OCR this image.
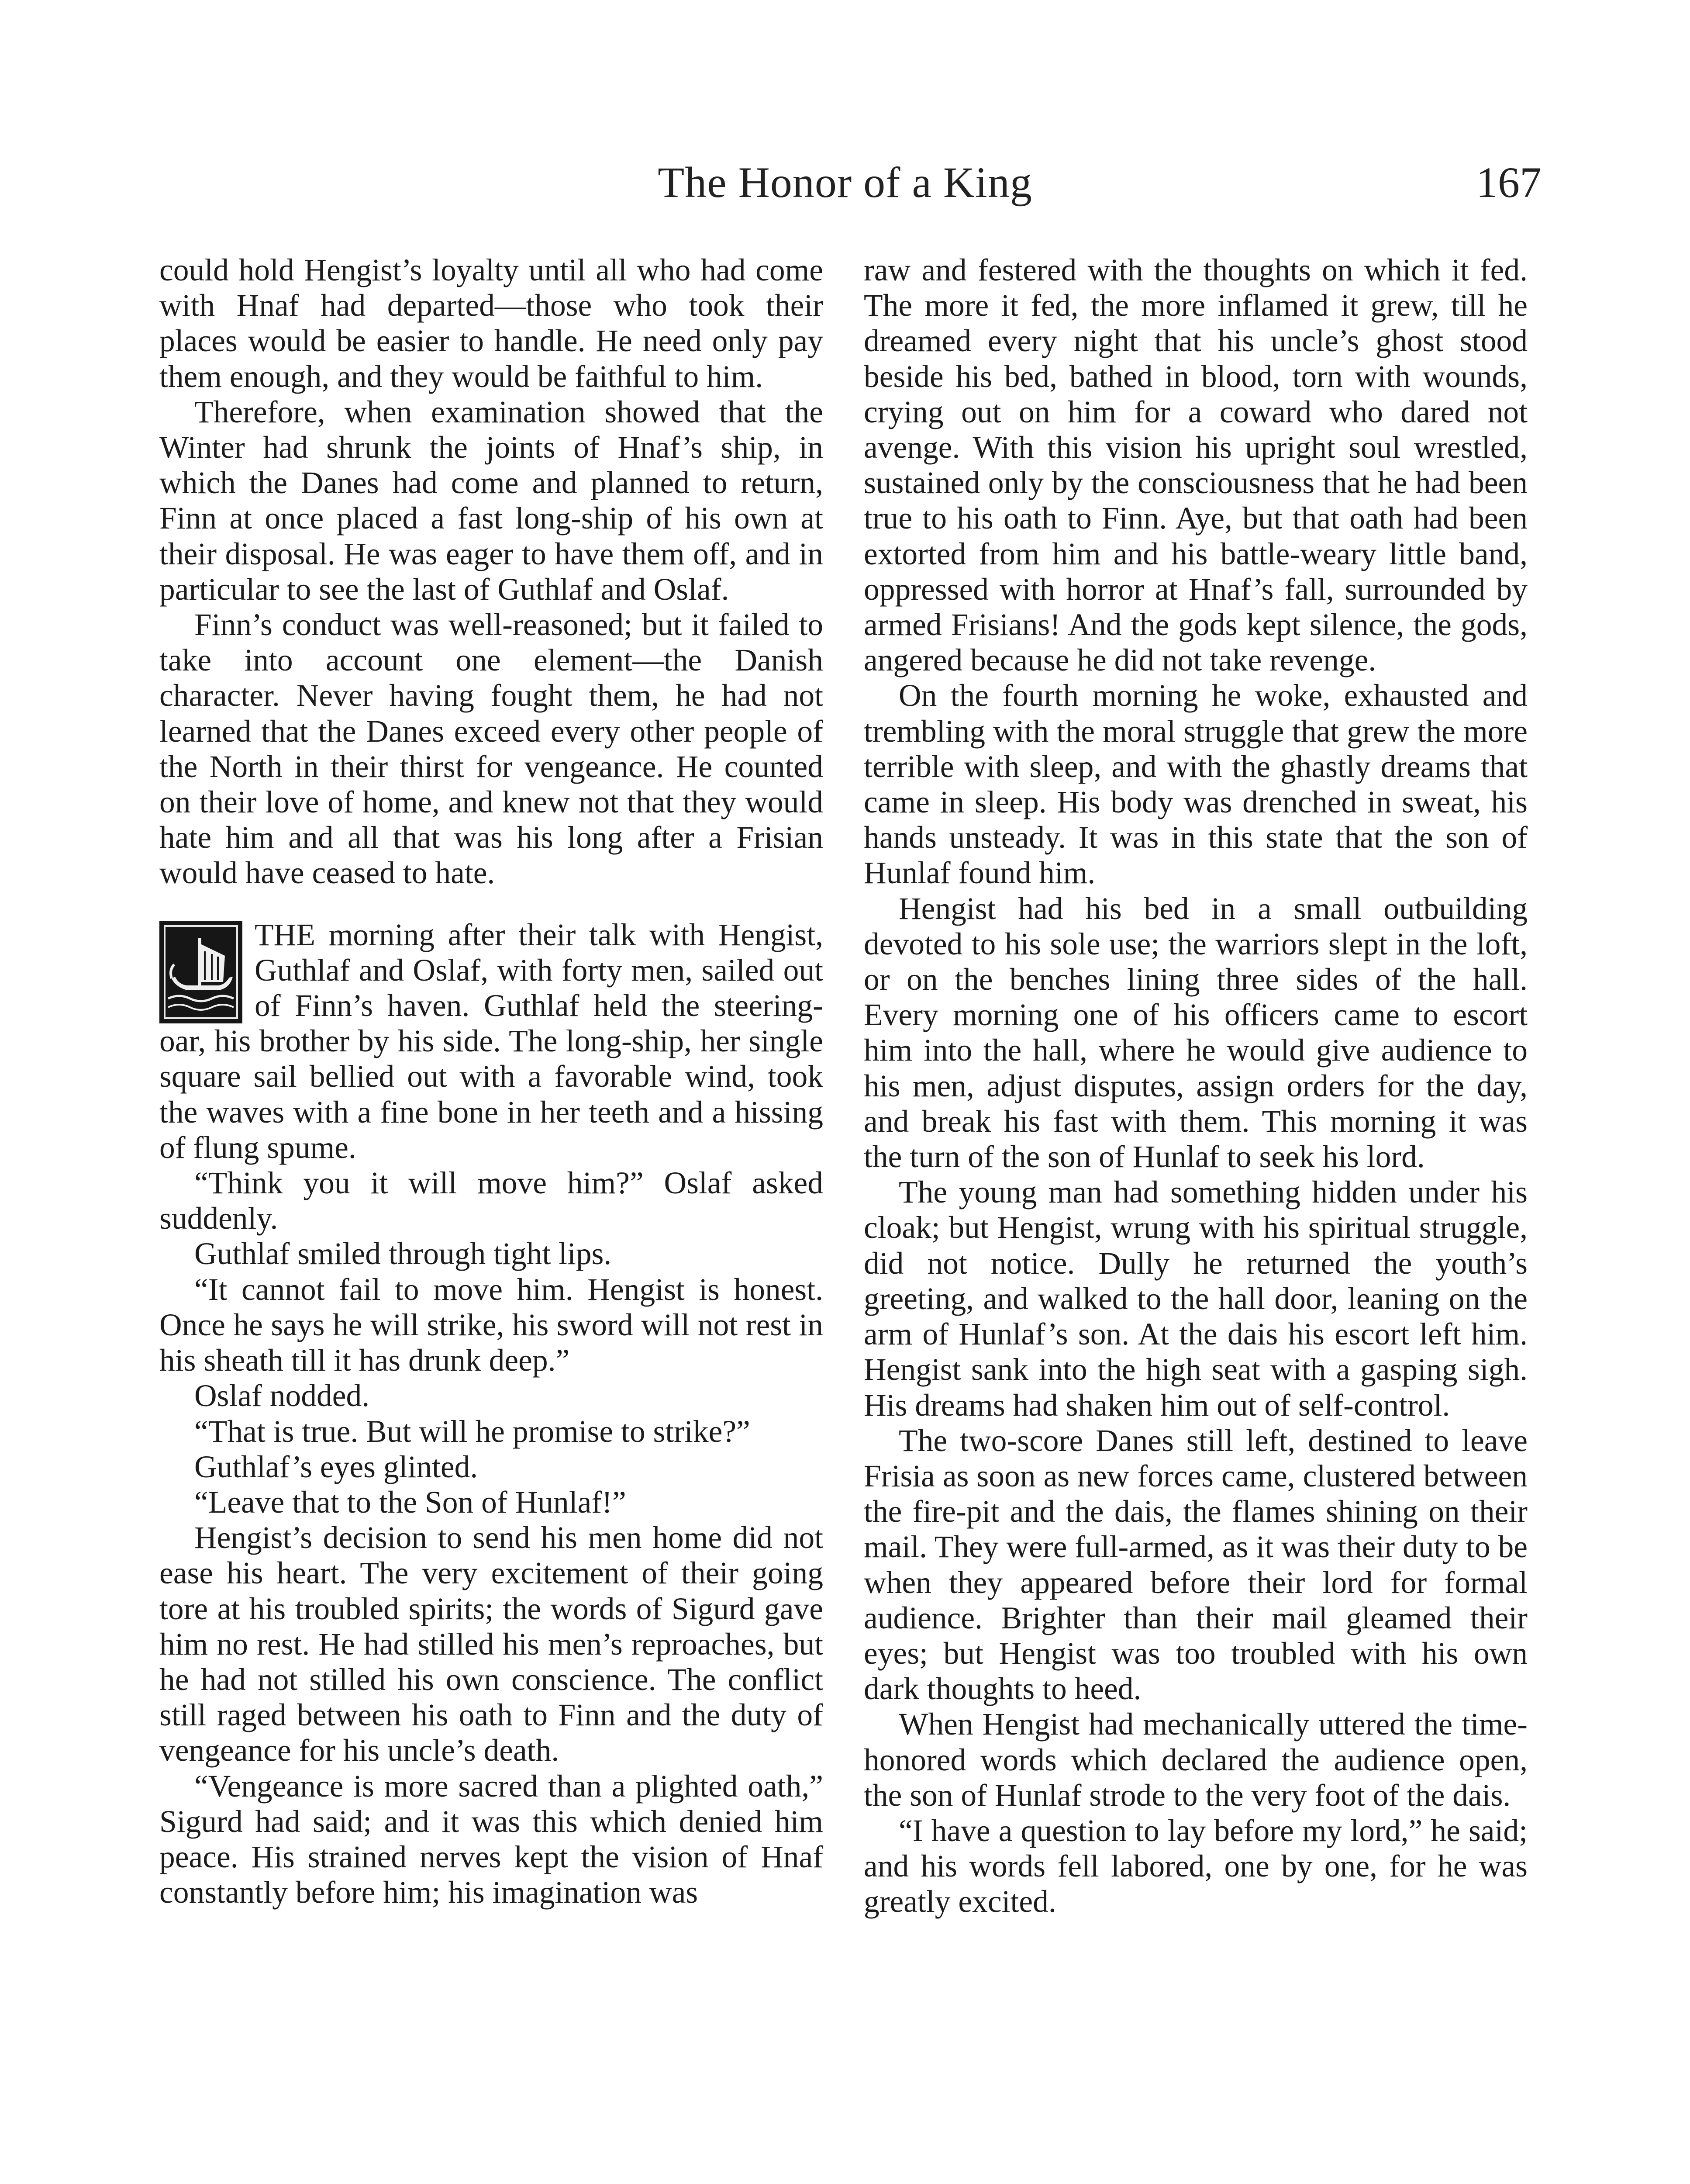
The Honor of a King	167

could hold Hengist’s loyalty until all who had come with Hnaf had departed—those who took their places would be easier to handle. He need only pay them enough, and they would be faithful to him.

Therefore, when examination showed that the Winter had shrunk the joints of Hnaf’s ship, in which the Danes had come and planned to return, Finn at once placed a fast long-ship of his own at their disposal. He was eager to have them off, and in particular to see the last of Guthlaf and Oslaf.

Finn’s conduct was well-reasoned; but it failed to take into account one element—the Danish character. Never having fought them, he had not learned that the Danes exceed every other people of the North in their thirst for vengeance. He counted on their love of home, and knew not that they would hate him and all that was his long after a Frisian would have ceased to hate.

THE morning after their talk with Hengist, Guthlaf and Oslaf, with forty men, sailed out of Finn’s haven. Guthlaf held the steering-oar, his brother by his side. The long-ship, her single square sail bellied out with a favorable wind, took the waves with a fine bone in her teeth and a hissing of flung spume.

“Think you it will move him?” Oslaf asked suddenly.

Guthlaf smiled through tight lips.

“It cannot fail to move him. Hengist is honest. Once he says he will strike, his sword will not rest in his sheath till it has drunk deep.”

Oslaf nodded.

“That is true. But will he promise to strike?”

Guthlaf’s eyes glinted.

“Leave that to the Son of Hunlaf!”

Hengist’s decision to send his men home did not ease his heart. The very excitement of their going tore at his troubled spirits; the words of Sigurd gave him no rest. He had stilled his men’s reproaches, but he had not stilled his own conscience. The conflict still raged between his oath to Finn and the duty of vengeance for his uncle’s death.

“Vengeance is more sacred than a plighted oath,” Sigurd had said; and it was this which denied him peace. His strained nerves kept the vision of Hnaf constantly before him; his imagination was

raw and festered with the thoughts on which it fed. The more it fed, the more inflamed it grew, till he dreamed every night that his uncle’s ghost stood beside his bed, bathed in blood, torn with wounds, crying out on him for a coward who dared not avenge. With this vision his upright soul wrestled, sustained only by the consciousness that he had been true to his oath to Finn. Aye, but that oath had been extorted from him and his battle-weary little band, oppressed with horror at Hnaf’s fall, surrounded by armed Frisians! And the gods kept silence, the gods, angered because he did not take revenge.

On the fourth morning he woke, exhausted and trembling with the moral struggle that grew the more terrible with sleep, and with the ghastly dreams that came in sleep. His body was drenched in sweat, his hands unsteady. It was in this state that the son of Hunlaf found him.

Hengist had his bed in a small outbuilding devoted to his sole use; the warriors slept in the loft, or on the benches lining three sides of the hall. Every morning one of his officers came to escort him into the hall, where he would give audience to his men, adjust disputes, assign orders for the day, and break his fast with them. This morning it was the turn of the son of Hunlaf to seek his lord.

The young man had something hidden under his cloak; but Hengist, wrung with his spiritual struggle, did not notice. Dully he returned the youth’s greeting, and walked to the hall door, leaning on the arm of Hunlaf’s son. At the dais his escort left him. Hengist sank into the high seat with a gasping sigh. His dreams had shaken him out of self-control.

The two-score Danes still left, destined to leave Frisia as soon as new forces came, clustered between the fire-pit and the dais, the flames shining on their mail. They were full-armed, as it was their duty to be when they appeared before their lord for formal audience. Brighter than their mail gleamed their eyes; but Hengist was too troubled with his own dark thoughts to heed.

When Hengist had mechanically uttered the time-honored words which declared the audience open, the son of Hunlaf strode to the very foot of the dais.

“I have a question to lay before my lord,” he said; and his words fell labored, one by one, for he was greatly excited.
